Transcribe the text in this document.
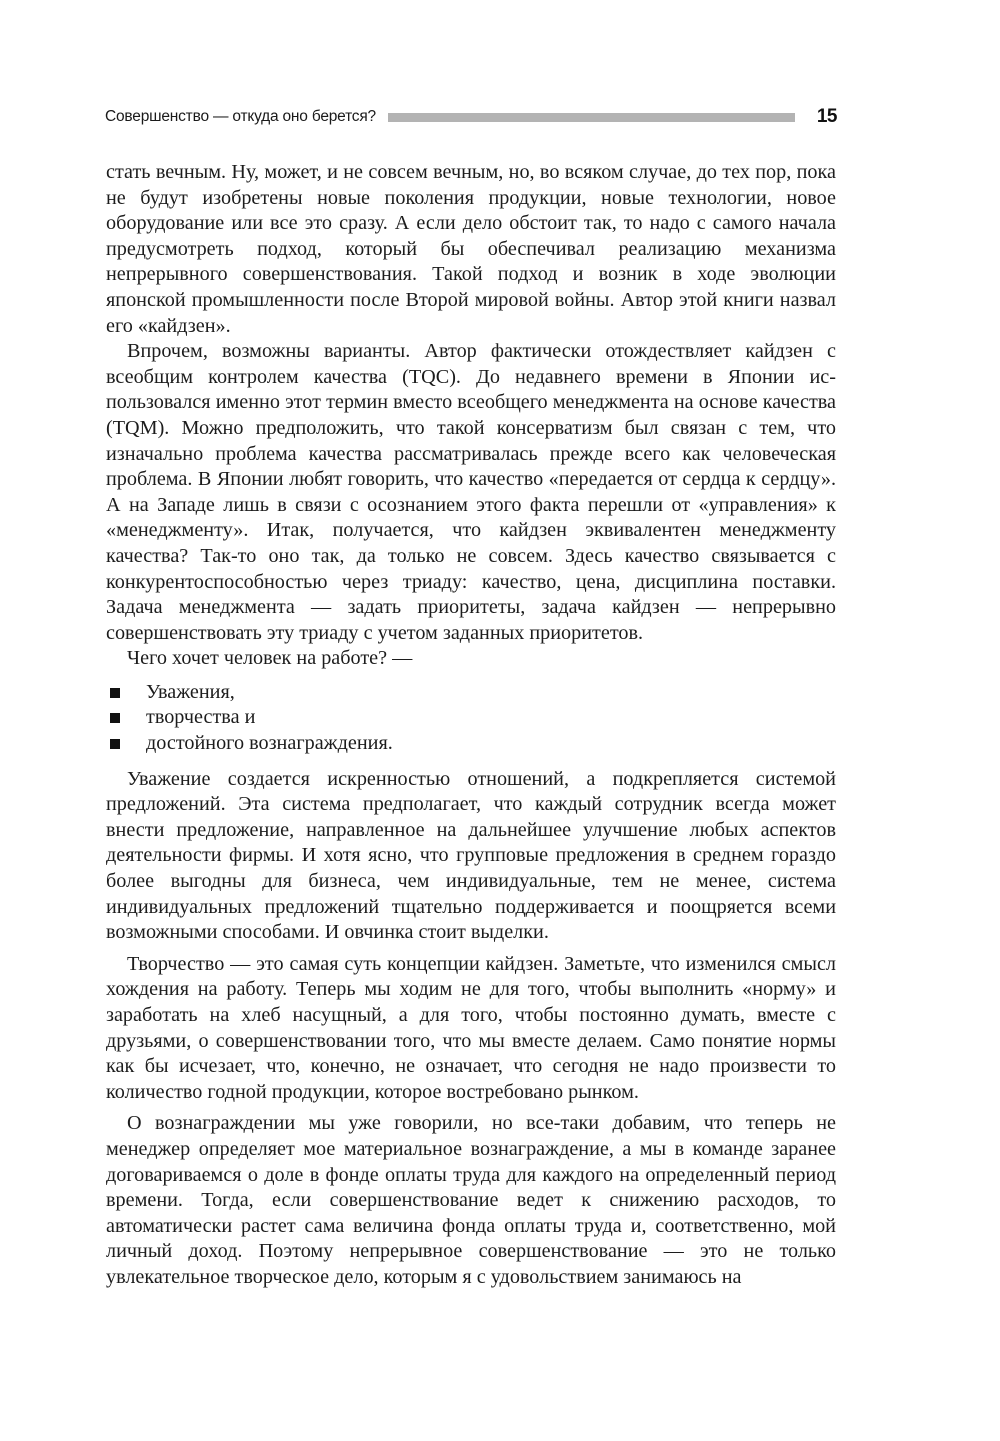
Совершенство — откуда оно берется?	15

стать вечным. Ну, может, и не совсем вечным, но, во всяком случае, до тех пор, пока не будут изобретены новые поколения продукции, новые технологии, новое оборудование или все это сразу. А если дело обстоит так, то надо с самого начала предусмотреть подход, который бы обеспечивал реализацию механизма непрерывного совершенствования. Такой подход и возник в ходе эволюции японской промышленности после Второй мировой войны. Автор этой книги назвал его «кайдзен».

Впрочем, возможны варианты. Автор фактически отождествляет кайдзен с всеобщим контролем качества (TQC). До недавнего времени в Японии использовался именно этот термин вместо всеобщего менеджмента на основе качества (TQM). Можно предположить, что такой консерватизм был связан с тем, что изначально проблема качества рассматривалась прежде всего как человеческая проблема. В Японии любят говорить, что качество «передается от сердца к сердцу». А на Западе лишь в связи с осознанием этого факта перешли от «управления» к «менеджменту». Итак, получается, что кайдзен эквивалентен менеджменту качества? Так-то оно так, да только не совсем. Здесь качество связывается с конкурентоспособностью через триаду: качество, цена, дисциплина поставки. Задача менеджмента — задать приоритеты, задача кайдзен — непрерывно совершенствовать эту триаду с учетом заданных приоритетов.

Чего хочет человек на работе? —

Уважения,
творчества и
достойного вознаграждения.

Уважение создается искренностью отношений, а подкрепляется системой предложений. Эта система предполагает, что каждый сотрудник всегда может внести предложение, направленное на дальнейшее улучшение любых аспектов деятельности фирмы. И хотя ясно, что групповые предложения в среднем гораздо более выгодны для бизнеса, чем индивидуальные, тем не менее, система индивидуальных предложений тщательно поддерживается и поощряется всеми возможными способами. И овчинка стоит выделки.

Творчество — это самая суть концепции кайдзен. Заметьте, что изменился смысл хождения на работу. Теперь мы ходим не для того, чтобы выполнить «норму» и заработать на хлеб насущный, а для того, чтобы постоянно думать, вместе с друзьями, о совершенствовании того, что мы вместе делаем. Само понятие нормы как бы исчезает, что, конечно, не означает, что сегодня не надо произвести то количество годной продукции, которое востребовано рынком.

О вознаграждении мы уже говорили, но все-таки добавим, что теперь не менеджер определяет мое материальное вознаграждение, а мы в команде заранее договариваемся о доле в фонде оплаты труда для каждого на определенный период времени. Тогда, если совершенствование ведет к снижению расходов, то автоматически растет сама величина фонда оплаты труда и, соответственно, мой личный доход. Поэтому непрерывное совершенствование — это не только увлекательное творческое дело, которым я с удовольствием занимаюсь на
